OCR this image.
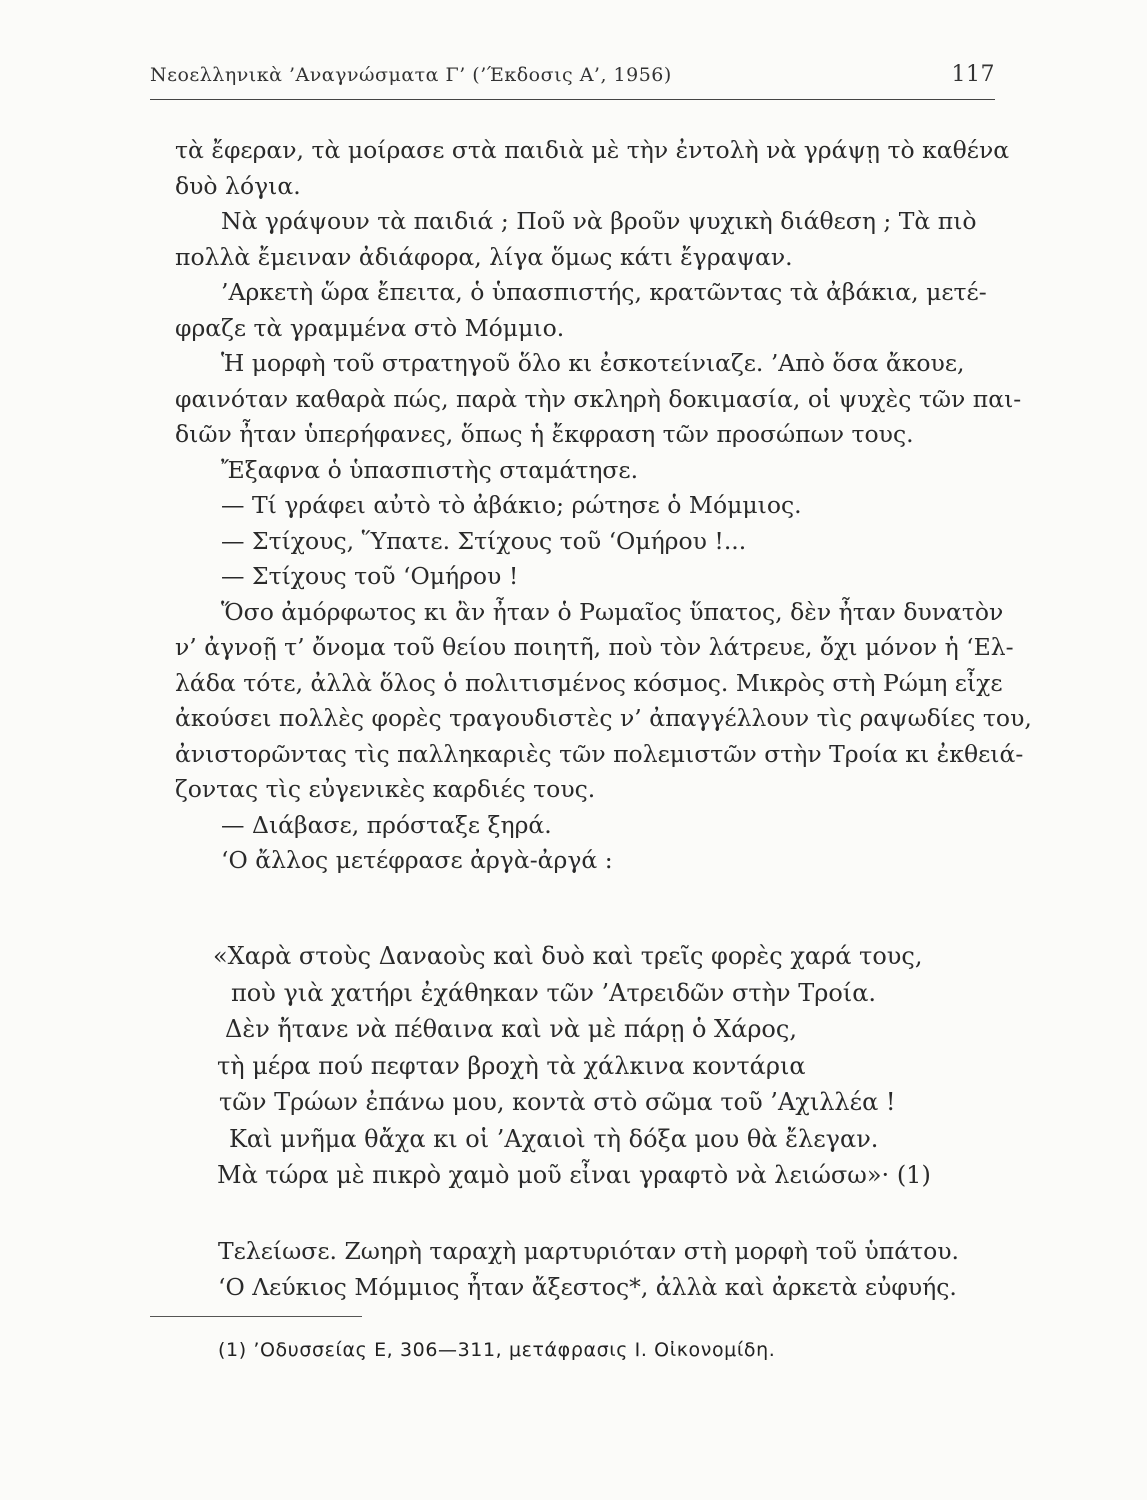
Νεοελληνικὰ ’Αναγνώσματα Γ’ (’Έκδοσις Α’, 1956)	117
τὰ ἔφεραν, τὰ μοίρασε στὰ παιδιὰ μὲ τὴν ἐντολὴ νὰ γράψῃ τὸ καθένα
δυὸ λόγια.
Νὰ γράψουν τὰ παιδιά ; Ποῦ νὰ βροῦν ψυχικὴ διάθεση ; Τὰ πιὸ
πολλὰ ἔμειναν ἀδιάφορα, λίγα ὅμως κάτι ἔγραψαν.
’Αρκετὴ ὥρα ἔπειτα, ὁ ὑπασπιστής, κρατῶντας τὰ ἀβάκια, μετέ-
φραζε τὰ γραμμένα στὸ Μόμμιο.
Ἡ μορφὴ τοῦ στρατηγοῦ ὅλο κι ἐσκοτείνιαζε. ’Απὸ ὅσα ἄκουε,
φαινόταν καθαρὰ πώς, παρὰ τὴν σκληρὴ δοκιμασία, οἱ ψυχὲς τῶν παι-
διῶν ἦταν ὑπερήφανες, ὅπως ἡ ἔκφραση τῶν προσώπων τους.
Ἔξαφνα ὁ ὑπασπιστὴς σταμάτησε.
— Τί γράφει αὐτὸ τὸ ἀβάκιο; ρώτησε ὁ Μόμμιος.
— Στίχους, Ὕπατε. Στίχους τοῦ ‘Ομήρου !...
— Στίχους τοῦ ‘Ομήρου !
Ὅσο ἀμόρφωτος κι ἂν ἦταν ὁ Ρωμαῖος ὕπατος, δὲν ἦταν δυνατὸν
ν’ ἀγνοῇ τ’ ὄνομα τοῦ θείου ποιητῆ, ποὺ τὸν λάτρευε, ὄχι μόνον ἡ ‘Ελ-
λάδα τότε, ἀλλὰ ὅλος ὁ πολιτισμένος κόσμος. Μικρὸς στὴ Ρώμη εἶχε
ἀκούσει πολλὲς φορὲς τραγουδιστὲς ν’ ἀπαγγέλλουν τὶς ραψωδίες του,
ἀνιστορῶντας τὶς παλληκαριὲς τῶν πολεμιστῶν στὴν Τροία κι ἐκθειά-
ζοντας τὶς εὐγενικὲς καρδιές τους.
— Διάβασε, πρόσταξε ξηρά.
‘Ο ἄλλος μετέφρασε ἀργὰ-ἀργά :
«Χαρὰ στοὺς Δαναοὺς καὶ δυὸ καὶ τρεῖς φορὲς χαρά τους,
ποὺ γιὰ χατήρι ἐχάθηκαν τῶν ’Ατρειδῶν στὴν Τροία.
Δὲν ἤτανε νὰ πέθαινα καὶ νὰ μὲ πάρῃ ὁ Χάρος,
τὴ μέρα πού πεφταν βροχὴ τὰ χάλκινα κοντάρια
τῶν Τρώων ἐπάνω μου, κοντὰ στὸ σῶμα τοῦ ’Αχιλλέα !
Καὶ μνῆμα θἄχα κι οἱ ’Αχαιοὶ τὴ δόξα μου θὰ ἔλεγαν.
Μὰ τώρα μὲ πικρὸ χαμὸ μοῦ εἶναι γραφτὸ νὰ λειώσω»· (1)
Τελείωσε. Ζωηρὴ ταραχὴ μαρτυριόταν στὴ μορφὴ τοῦ ὑπάτου.
‘Ο Λεύκιος Μόμμιος ἦταν ἄξεστος*, ἀλλὰ καὶ ἀρκετὰ εὐφυής.
(1) ’Οδυσσείας Ε, 306—311, μετάφρασις Ι. Οἰκονομίδη.
